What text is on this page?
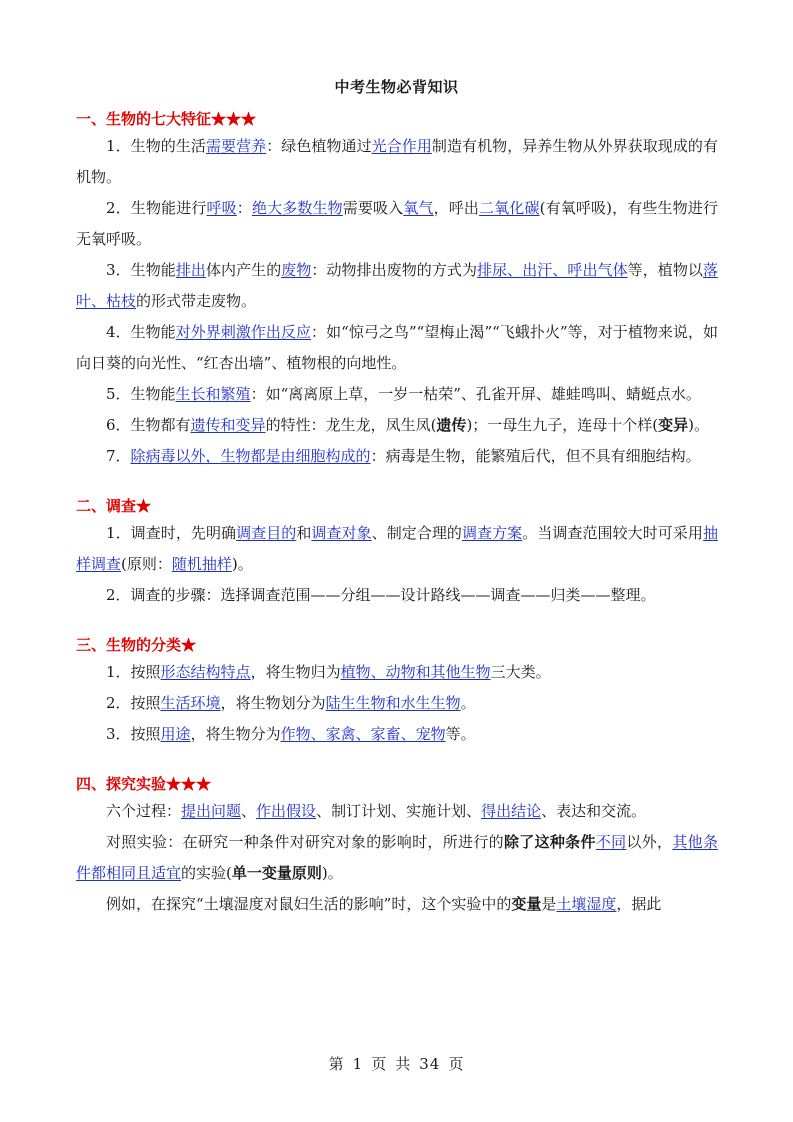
中考生物必背知识
一、生物的七大特征★★★

1．生物的生活需要营养：绿色植物通过光合作用制造有机物，异养生物从外界获取现成的有机物。

2．生物能进行呼吸：绝大多数生物需要吸入氧气，呼出二氧化碳(有氧呼吸)，有些生物进行无氧呼吸。

3．生物能排出体内产生的废物：动物排出废物的方式为排尿、出汗、呼出气体等，植物以落叶、枯枝的形式带走废物。

4．生物能对外界刺激作出反应：如“惊弓之鸟”“望梅止渴”“飞蛾扑火”等，对于植物来说，如向日葵的向光性、“红杏出墙”、植物根的向地性。

5．生物能生长和繁殖：如“离离原上草，一岁一枯荣”、孔雀开屏、雄蛙鸣叫、蜻蜓点水。

6．生物都有遗传和变异的特性：龙生龙，凤生凤(遗传)；一母生九子，连母十个样(变异)。

7．除病毒以外，生物都是由细胞构成的：病毒是生物，能繁殖后代，但不具有细胞结构。

二、调查★

1．调查时，先明确调查目的和调查对象、制定合理的调查方案。当调查范围较大时可采用抽样调查(原则：随机抽样)。

2．调查的步骤：选择调查范围——分组——设计路线——调查——归类——整理。

三、生物的分类★

1．按照形态结构特点，将生物归为植物、动物和其他生物三大类。

2．按照生活环境，将生物划分为陆生生物和水生生物。

3．按照用途，将生物分为作物、家禽、家畜、宠物等。

四、探究实验★★★

六个过程：提出问题、作出假设、制订计划、实施计划、得出结论、表达和交流。

对照实验：在研究一种条件对研究对象的影响时，所进行的除了这种条件不同以外，其他条件都相同且适宜的实验(单一变量原则)。

例如，在探究“土壤湿度对鼠妇生活的影响”时，这个实验中的变量是土壤湿度，据此

第 1 页 共 34 页
